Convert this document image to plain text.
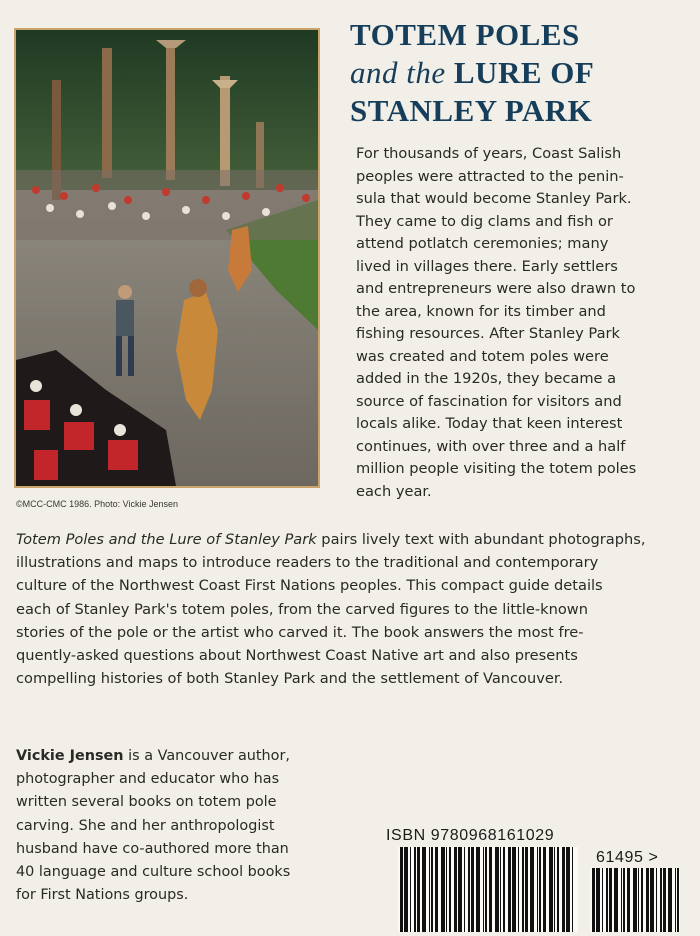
©MCC-CMC 1986. Photo: Vickie Jensen
TOTEM POLES
and the LURE OF
STANLEY PARK
For thousands of years, Coast Salish
peoples were attracted to the penin-
sula that would become Stanley Park.
They came to dig clams and fish or
attend potlatch ceremonies; many
lived in villages there. Early settlers
and entrepreneurs were also drawn to
the area, known for its timber and
fishing resources. After Stanley Park
was created and totem poles were
added in the 1920s, they became a
source of fascination for visitors and
locals alike. Today that keen interest
continues, with over three and a half
million people visiting the totem poles
each year.
Totem Poles and the Lure of Stanley Park pairs lively text with abundant photographs,
illustrations and maps to introduce readers to the traditional and contemporary
culture of the Northwest Coast First Nations peoples. This compact guide details
each of Stanley Park's totem poles, from the carved figures to the little-known
stories of the pole or the artist who carved it. The book answers the most fre-
quently-asked questions about Northwest Coast Native art and also presents
compelling histories of both Stanley Park and the settlement of Vancouver.
Vickie Jensen is a Vancouver author,
photographer and educator who has
written several books on totem pole
carving. She and her anthropologist
husband have co-authored more than
40 language and culture school books
for First Nations groups.
ISBN 9780968161029
61495 >
